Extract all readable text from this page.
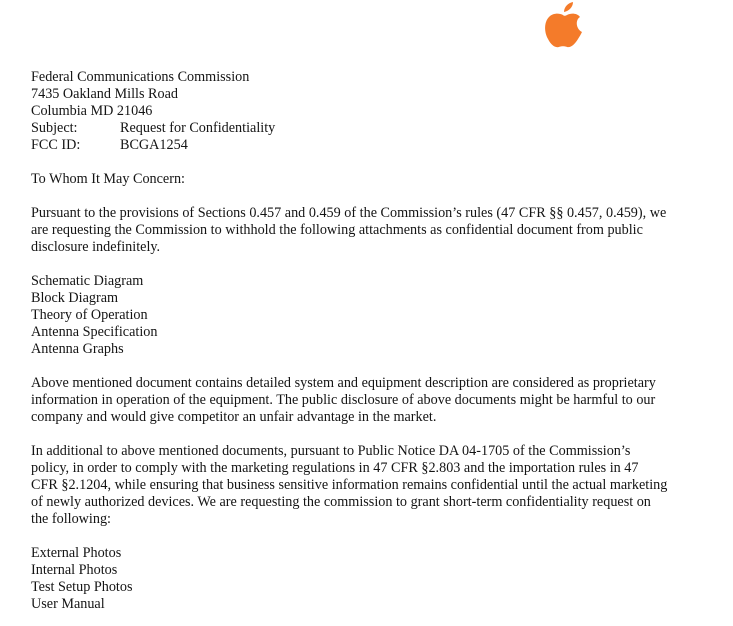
Federal Communications Commission
7435 Oakland Mills Road
Columbia MD 21046
Subject:	Request for Confidentiality
FCC ID:	BCGA1254
To Whom It May Concern:
Pursuant to the provisions of Sections 0.457 and 0.459 of the Commission’s rules (47 CFR §§ 0.457, 0.459), we
are requesting the Commission to withhold the following attachments as confidential document from public
disclosure indefinitely.
Schematic Diagram
Block Diagram
Theory of Operation
Antenna Specification
Antenna Graphs
Above mentioned document contains detailed system and equipment description are considered as proprietary
information in operation of the equipment. The public disclosure of above documents might be harmful to our
company and would give competitor an unfair advantage in the market.
In additional to above mentioned documents, pursuant to Public Notice DA 04-1705 of the Commission’s
policy, in order to comply with the marketing regulations in 47 CFR §2.803 and the importation rules in 47
CFR §2.1204, while ensuring that business sensitive information remains confidential until the actual marketing
of newly authorized devices. We are requesting the commission to grant short-term confidentiality request on
the following:
External Photos
Internal Photos
Test Setup Photos
User Manual
